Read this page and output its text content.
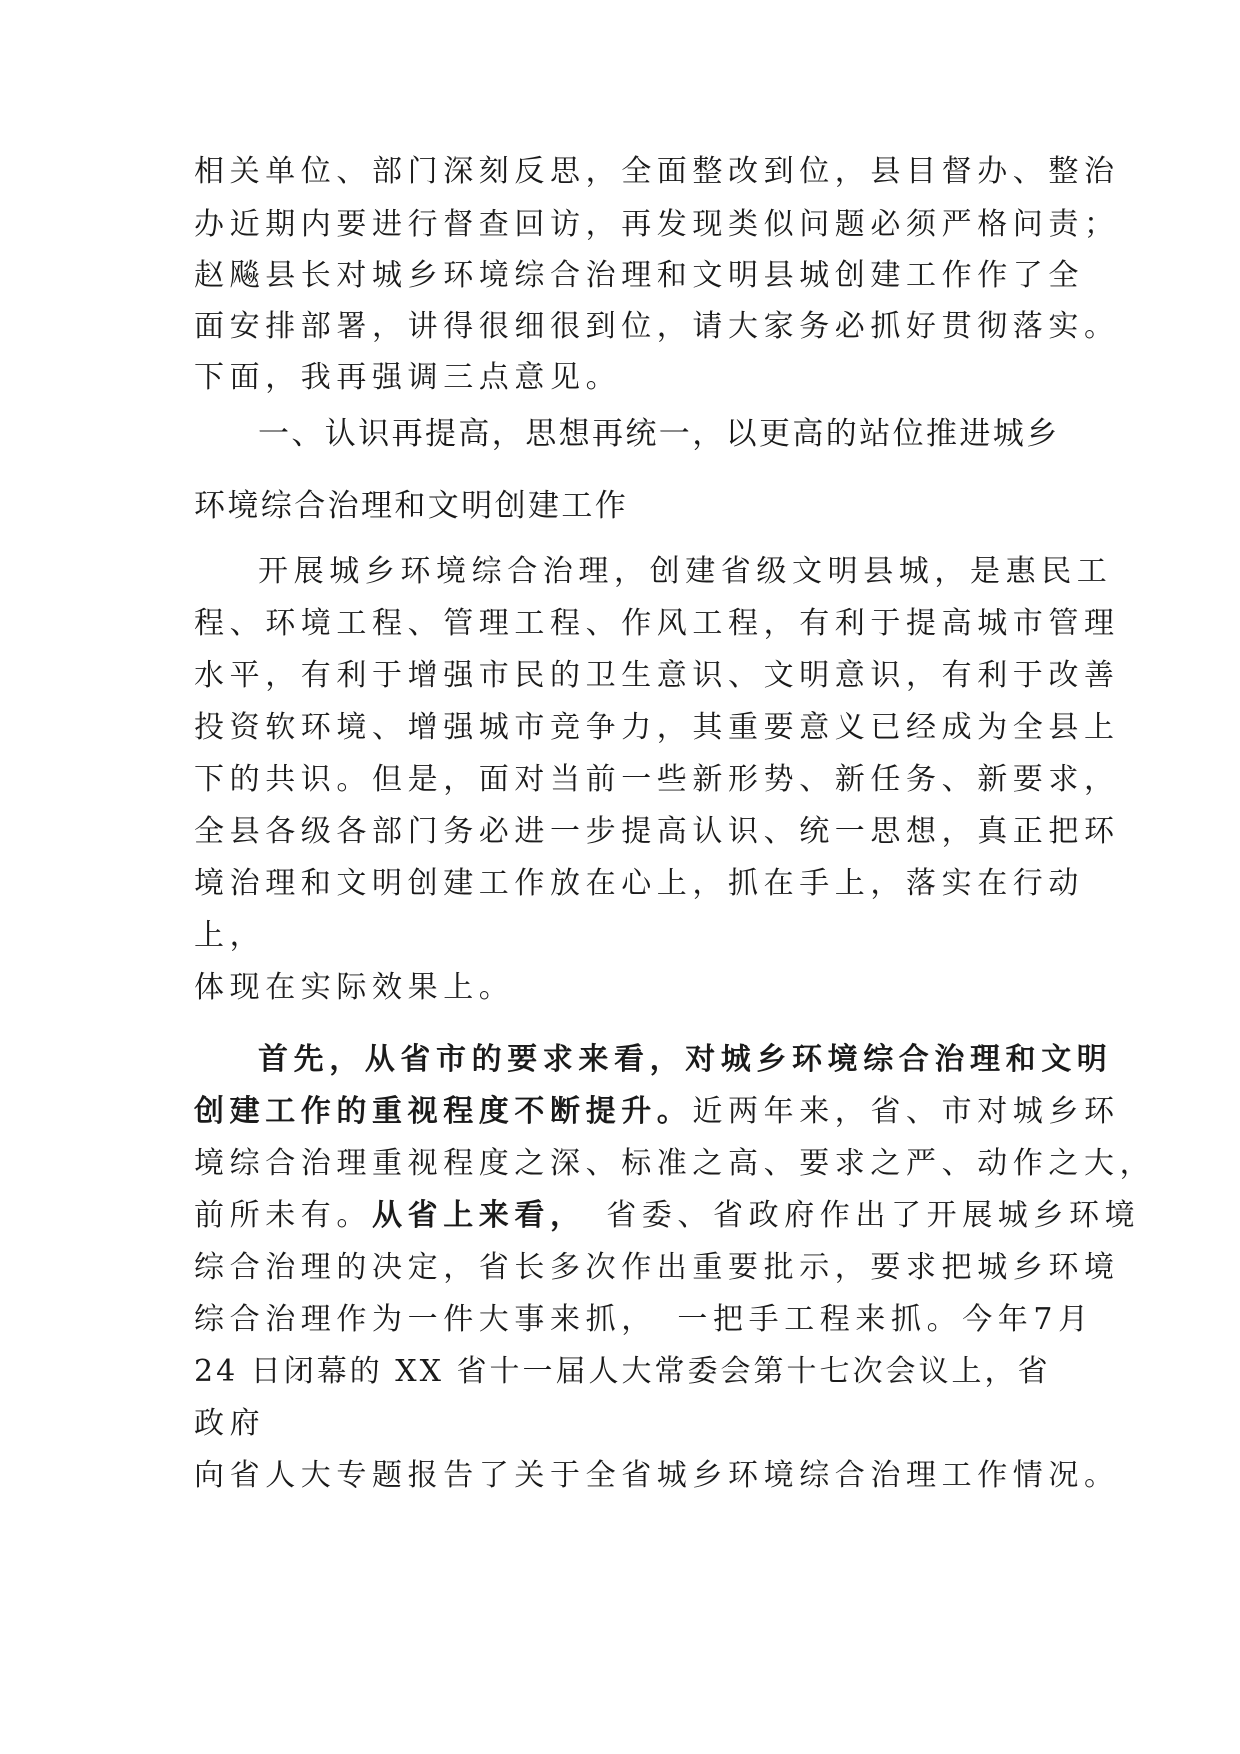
相关单位、部门深刻反思，全面整改到位，县目督办、整治
办近期内要进行督查回访，再发现类似问题必须严格问责；
赵飚县长对城乡环境综合治理和文明县城创建工作作了全
面安排部署，讲得很细很到位，请大家务必抓好贯彻落实。
下面，我再强调三点意见。
一、认识再提高，思想再统一，以更高的站位推进城乡
环境综合治理和文明创建工作
开展城乡环境综合治理，创建省级文明县城，是惠民工
程、环境工程、管理工程、作风工程，有利于提高城市管理
水平，有利于增强市民的卫生意识、文明意识，有利于改善
投资软环境、增强城市竞争力，其重要意义已经成为全县上
下的共识。但是，面对当前一些新形势、新任务、新要求，
全县各级各部门务必进一步提高认识、统一思想，真正把环
境治理和文明创建工作放在心上，抓在手上，落实在行动
上，
体现在实际效果上。
首先，从省市的要求来看，对城乡环境综合治理和文明
创建工作的重视程度不断提升。近两年来，省、市对城乡环
境综合治理重视程度之深、标准之高、要求之严、动作之大，
前所未有。从省上来看，　省委、省政府作出了开展城乡环境
综合治理的决定，省长多次作出重要批示，要求把城乡环境
综合治理作为一件大事来抓，　一把手工程来抓。今年7月
24 日闭幕的 XX 省十一届人大常委会第十七次会议上，省
政府
向省人大专题报告了关于全省城乡环境综合治理工作情况。
